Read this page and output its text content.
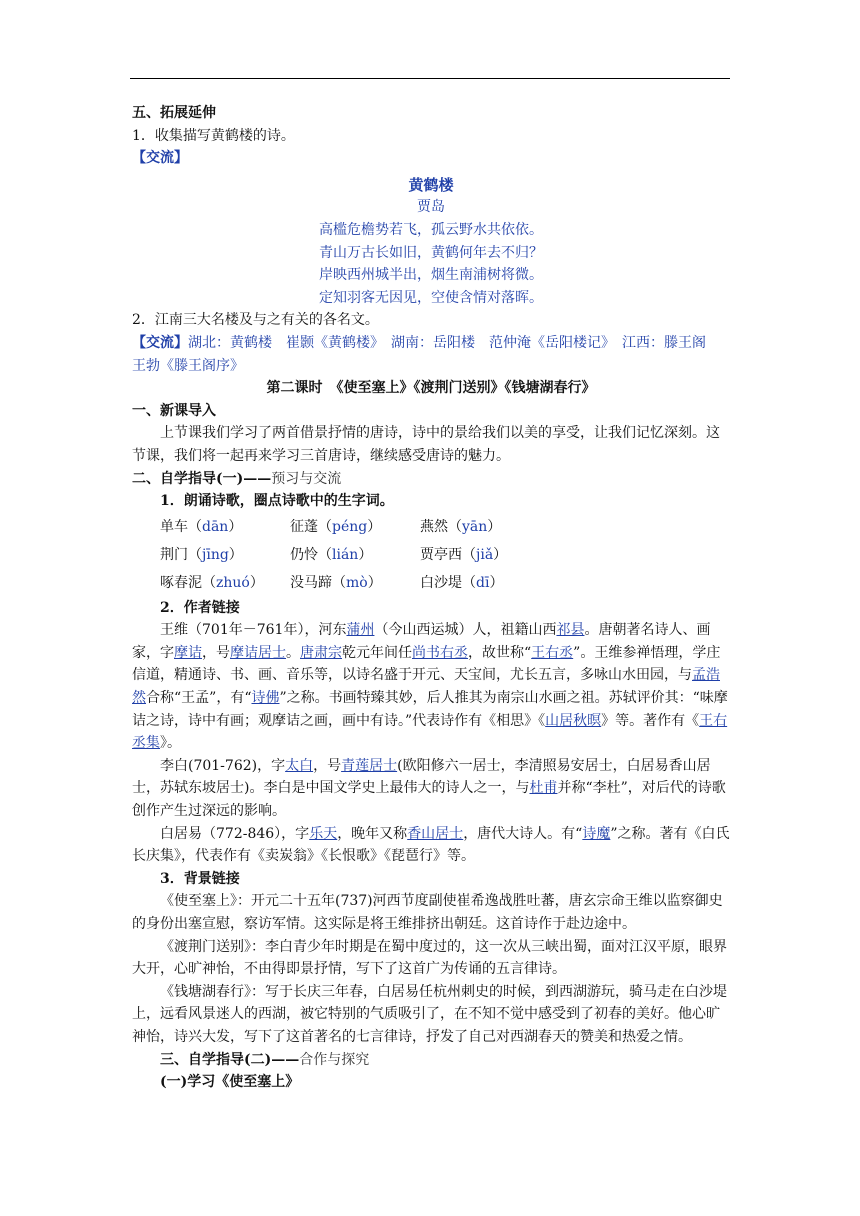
五、拓展延伸

1．收集描写黄鹤楼的诗。

【交流】

黄鹤楼
贾岛
高槛危檐势若飞，孤云野水共依依。
青山万古长如旧，黄鹤何年去不归？
岸映西州城半出，烟生南浦树将微。
定知羽客无因见，空使含情对落晖。

2．江南三大名楼及与之有关的各名文。

【交流】湖北：黄鹤楼　崔颢《黄鹤楼》　湖南：岳阳楼　范仲淹《岳阳楼记》　江西：滕王阁　王勃《滕王阁序》

第二课时　《使至塞上》《渡荆门送别》《钱塘湖春行》

一、新课导入

上节课我们学习了两首借景抒情的唐诗，诗中的景给我们以美的享受，让我们记忆深刻。这节课，我们将一起再来学习三首唐诗，继续感受唐诗的魅力。

二、自学指导(一)——预习与交流

1．朗诵诗歌，圈点诗歌中的生字词。

单车（dān）	征蓬（péng）	燕然（yān）
荆门（jīng）	仍怜（lián）	贾亭西（jiǎ）
啄春泥（zhuó）	没马蹄（mò）	白沙堤（dī）

2．作者链接

王维（701年－761年），河东蒲州（今山西运城）人，祖籍山西祁县。唐朝著名诗人、画家，字摩诘，号摩诘居士。唐肃宗乾元年间任尚书右丞，故世称“王右丞”。王维参禅悟理，学庄信道，精通诗、书、画、音乐等，以诗名盛于开元、天宝间，尤长五言，多咏山水田园，与孟浩然合称“王孟”，有“诗佛”之称。书画特臻其妙，后人推其为南宗山水画之祖。苏轼评价其：“味摩诘之诗，诗中有画；观摩诘之画，画中有诗。”代表诗作有《相思》《山居秋暝》等。著作有《王右丞集》。

李白(701-762)，字太白，号青莲居士(欧阳修六一居士，李清照易安居士，白居易香山居士，苏轼东坡居士)。李白是中国文学史上最伟大的诗人之一，与杜甫并称“李杜”，对后代的诗歌创作产生过深远的影响。

白居易（772-846），字乐天，晚年又称香山居士，唐代大诗人。有“诗魔”之称。著有《白氏长庆集》，代表作有《卖炭翁》《长恨歌》《琵琶行》等。

3．背景链接

《使至塞上》：开元二十五年(737)河西节度副使崔希逸战胜吐蕃，唐玄宗命王维以监察御史的身份出塞宣慰，察访军情。这实际是将王维排挤出朝廷。这首诗作于赴边途中。

《渡荆门送别》：李白青少年时期是在蜀中度过的，这一次从三峡出蜀，面对江汉平原，眼界大开，心旷神怡，不由得即景抒情，写下了这首广为传诵的五言律诗。

《钱塘湖春行》：写于长庆三年春，白居易任杭州刺史的时候，到西湖游玩，骑马走在白沙堤上，远看风景迷人的西湖，被它特别的气质吸引了，在不知不觉中感受到了初春的美好。他心旷神怡，诗兴大发，写下了这首著名的七言律诗，抒发了自己对西湖春天的赞美和热爱之情。

三、自学指导(二)——合作与探究

(一)学习《使至塞上》
